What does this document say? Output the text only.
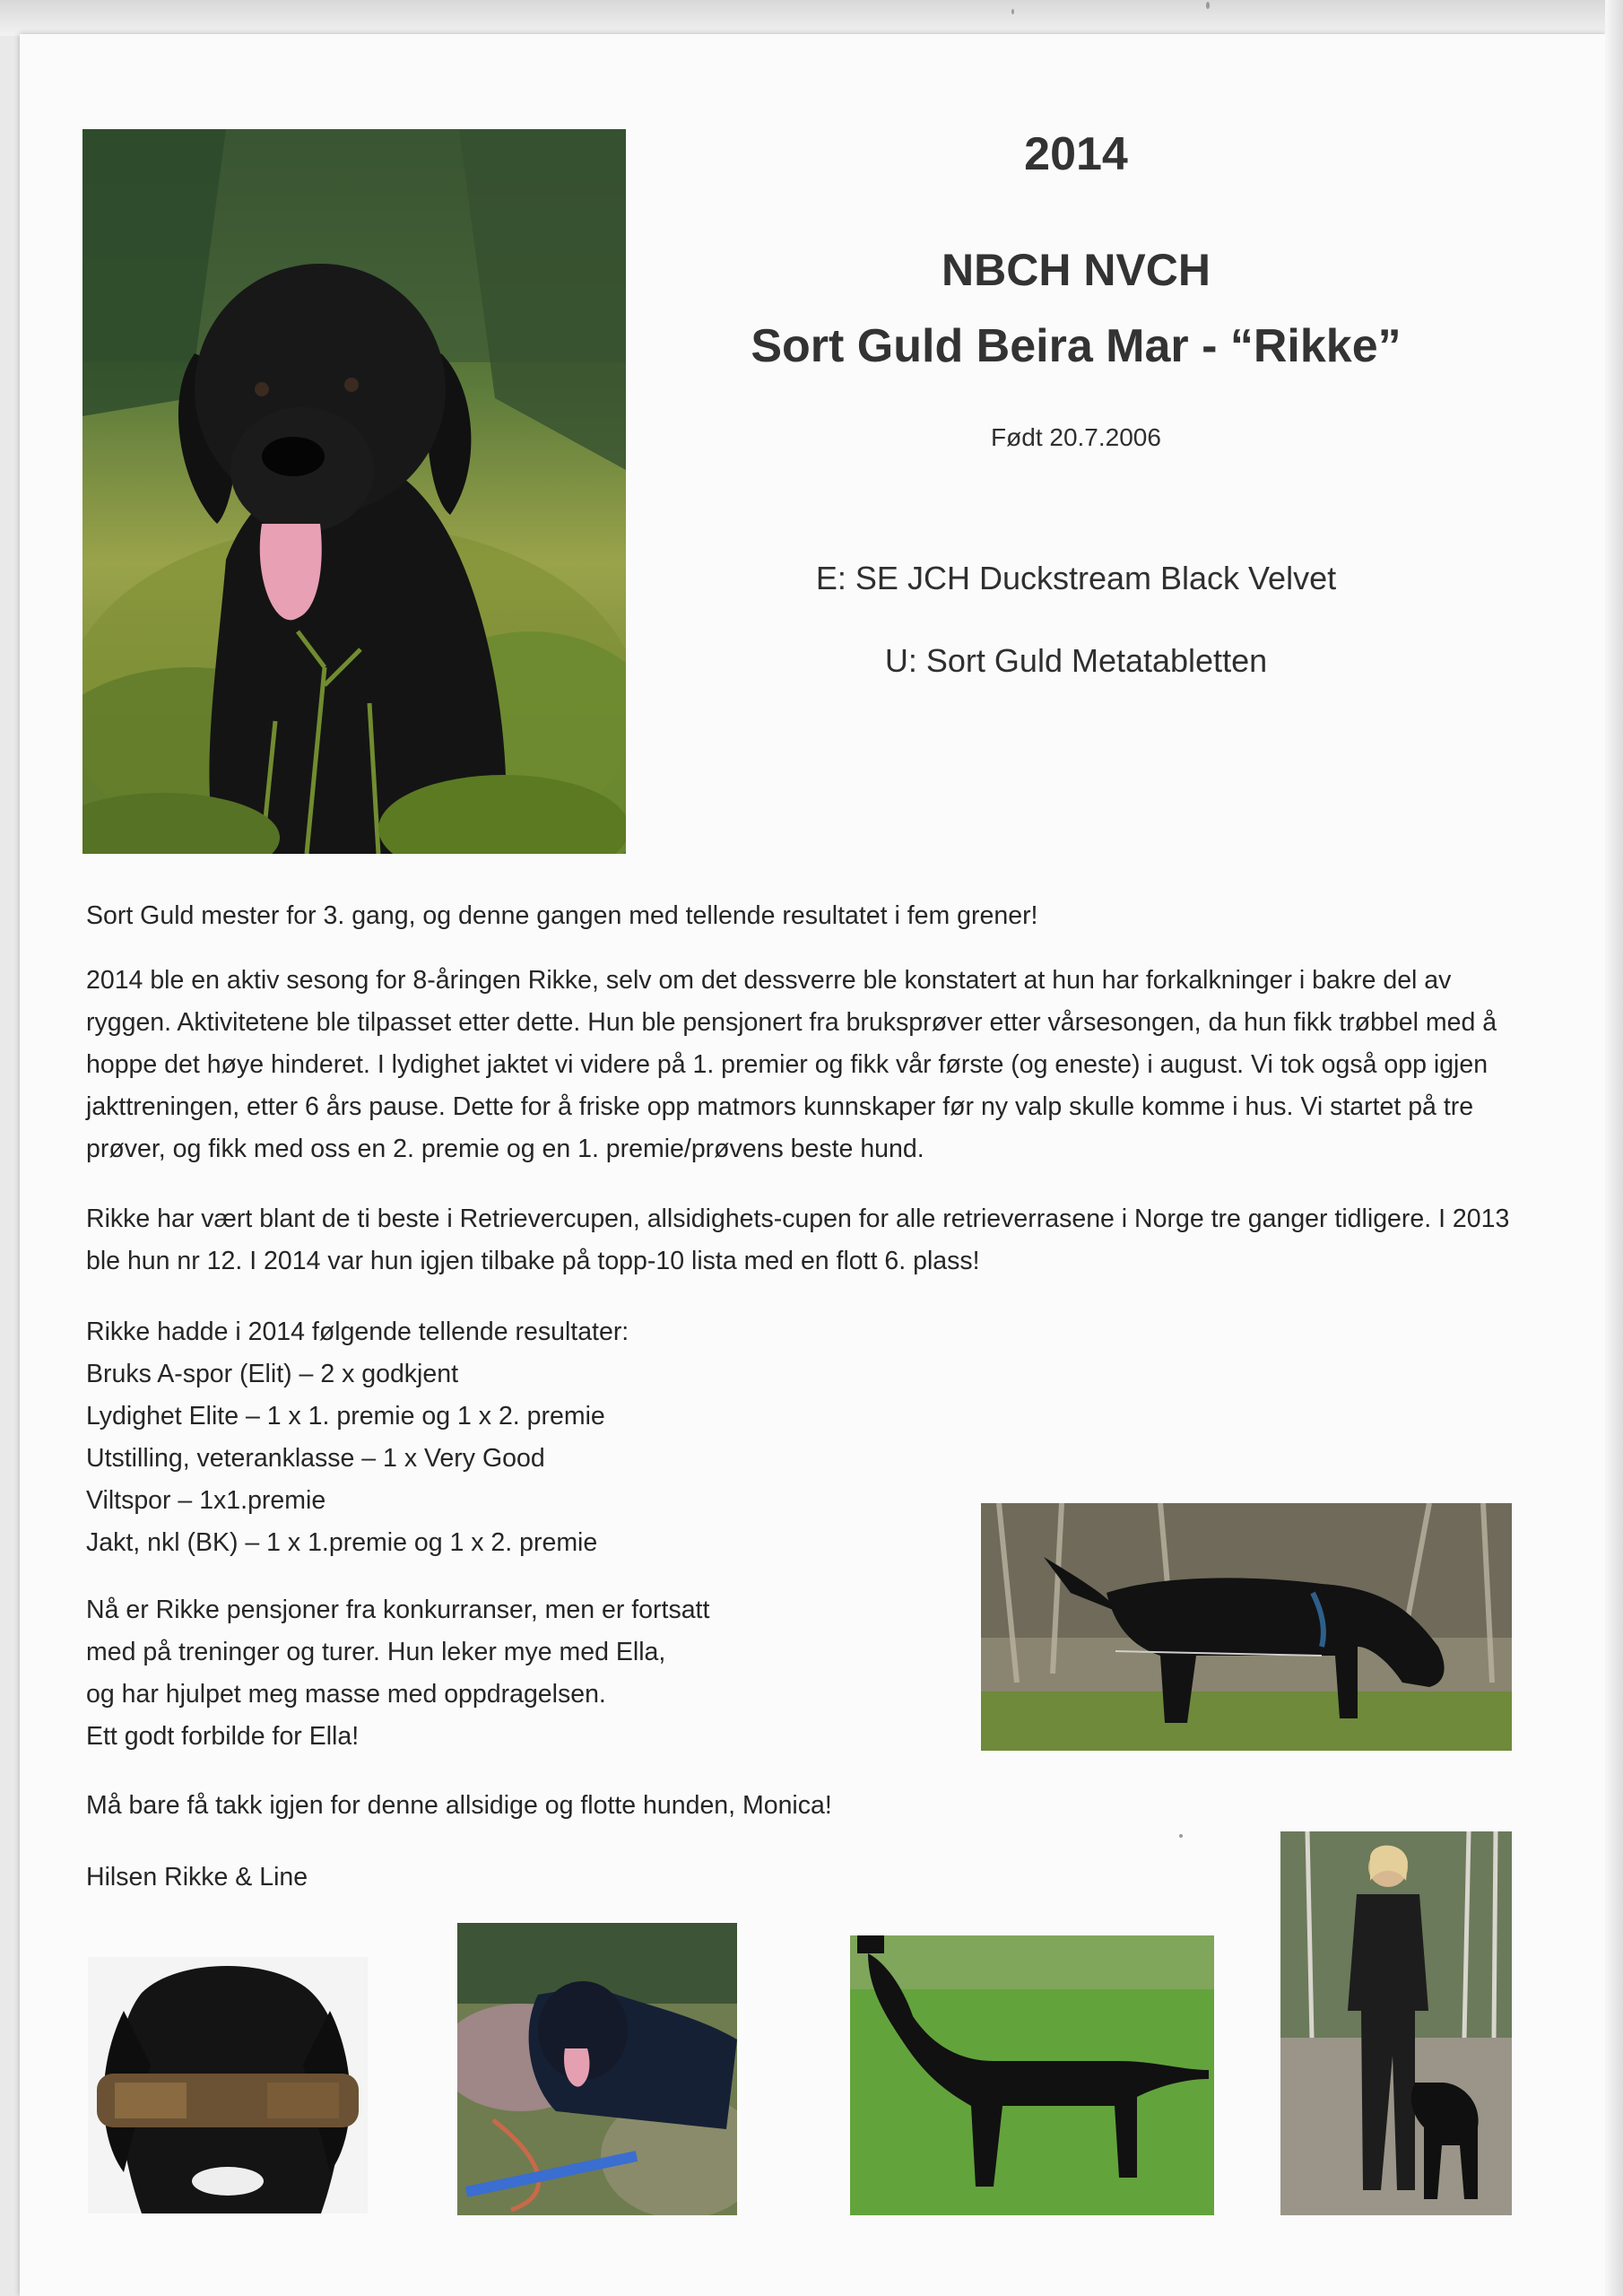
2014
NBCH NVCH
Sort Guld Beira Mar - “Rikke”

Født 20.7.2006

E: SE JCH Duckstream Black Velvet

U: Sort Guld Metatabletten

Sort Guld mester for 3. gang, og denne gangen med tellende resultatet i fem grener!

2014 ble en aktiv sesong for 8-åringen Rikke, selv om det dessverre ble konstatert at hun har forkalkninger i bakre del av ryggen. Aktivitetene ble tilpasset etter dette. Hun ble pensjonert fra bruksprøver etter vårsesongen, da hun fikk trøbbel med å hoppe det høye hinderet. I lydighet jaktet vi videre på 1. premier og fikk vår første (og eneste) i august. Vi tok også opp igjen jakttreningen, etter 6 års pause. Dette for å friske opp matmors kunnskaper før ny valp skulle komme i hus. Vi startet på tre prøver, og fikk med oss en 2. premie og en 1. premie/prøvens beste hund.

Rikke har vært blant de ti beste i Retrievercupen, allsidighets-cupen for alle retrieverrasene i Norge tre ganger tidligere. I 2013 ble hun nr 12. I 2014 var hun igjen tilbake på topp-10 lista med en flott 6. plass!

Rikke hadde i 2014 følgende tellende resultater:
Bruks A-spor (Elit) – 2 x godkjent
Lydighet Elite – 1 x 1. premie og 1 x 2. premie
Utstilling, veteranklasse – 1 x Very Good
Viltspor – 1x1.premie
Jakt, nkl (BK) – 1 x 1.premie og 1 x 2. premie
Nå er Rikke pensjoner fra konkurranser, men er fortsatt
med på treninger og turer. Hun leker mye med Ella,
og har hjulpet meg masse med oppdragelsen.
Ett godt forbilde for Ella!

Må bare få takk igjen for denne allsidige og flotte hunden, Monica!

Hilsen Rikke & Line
